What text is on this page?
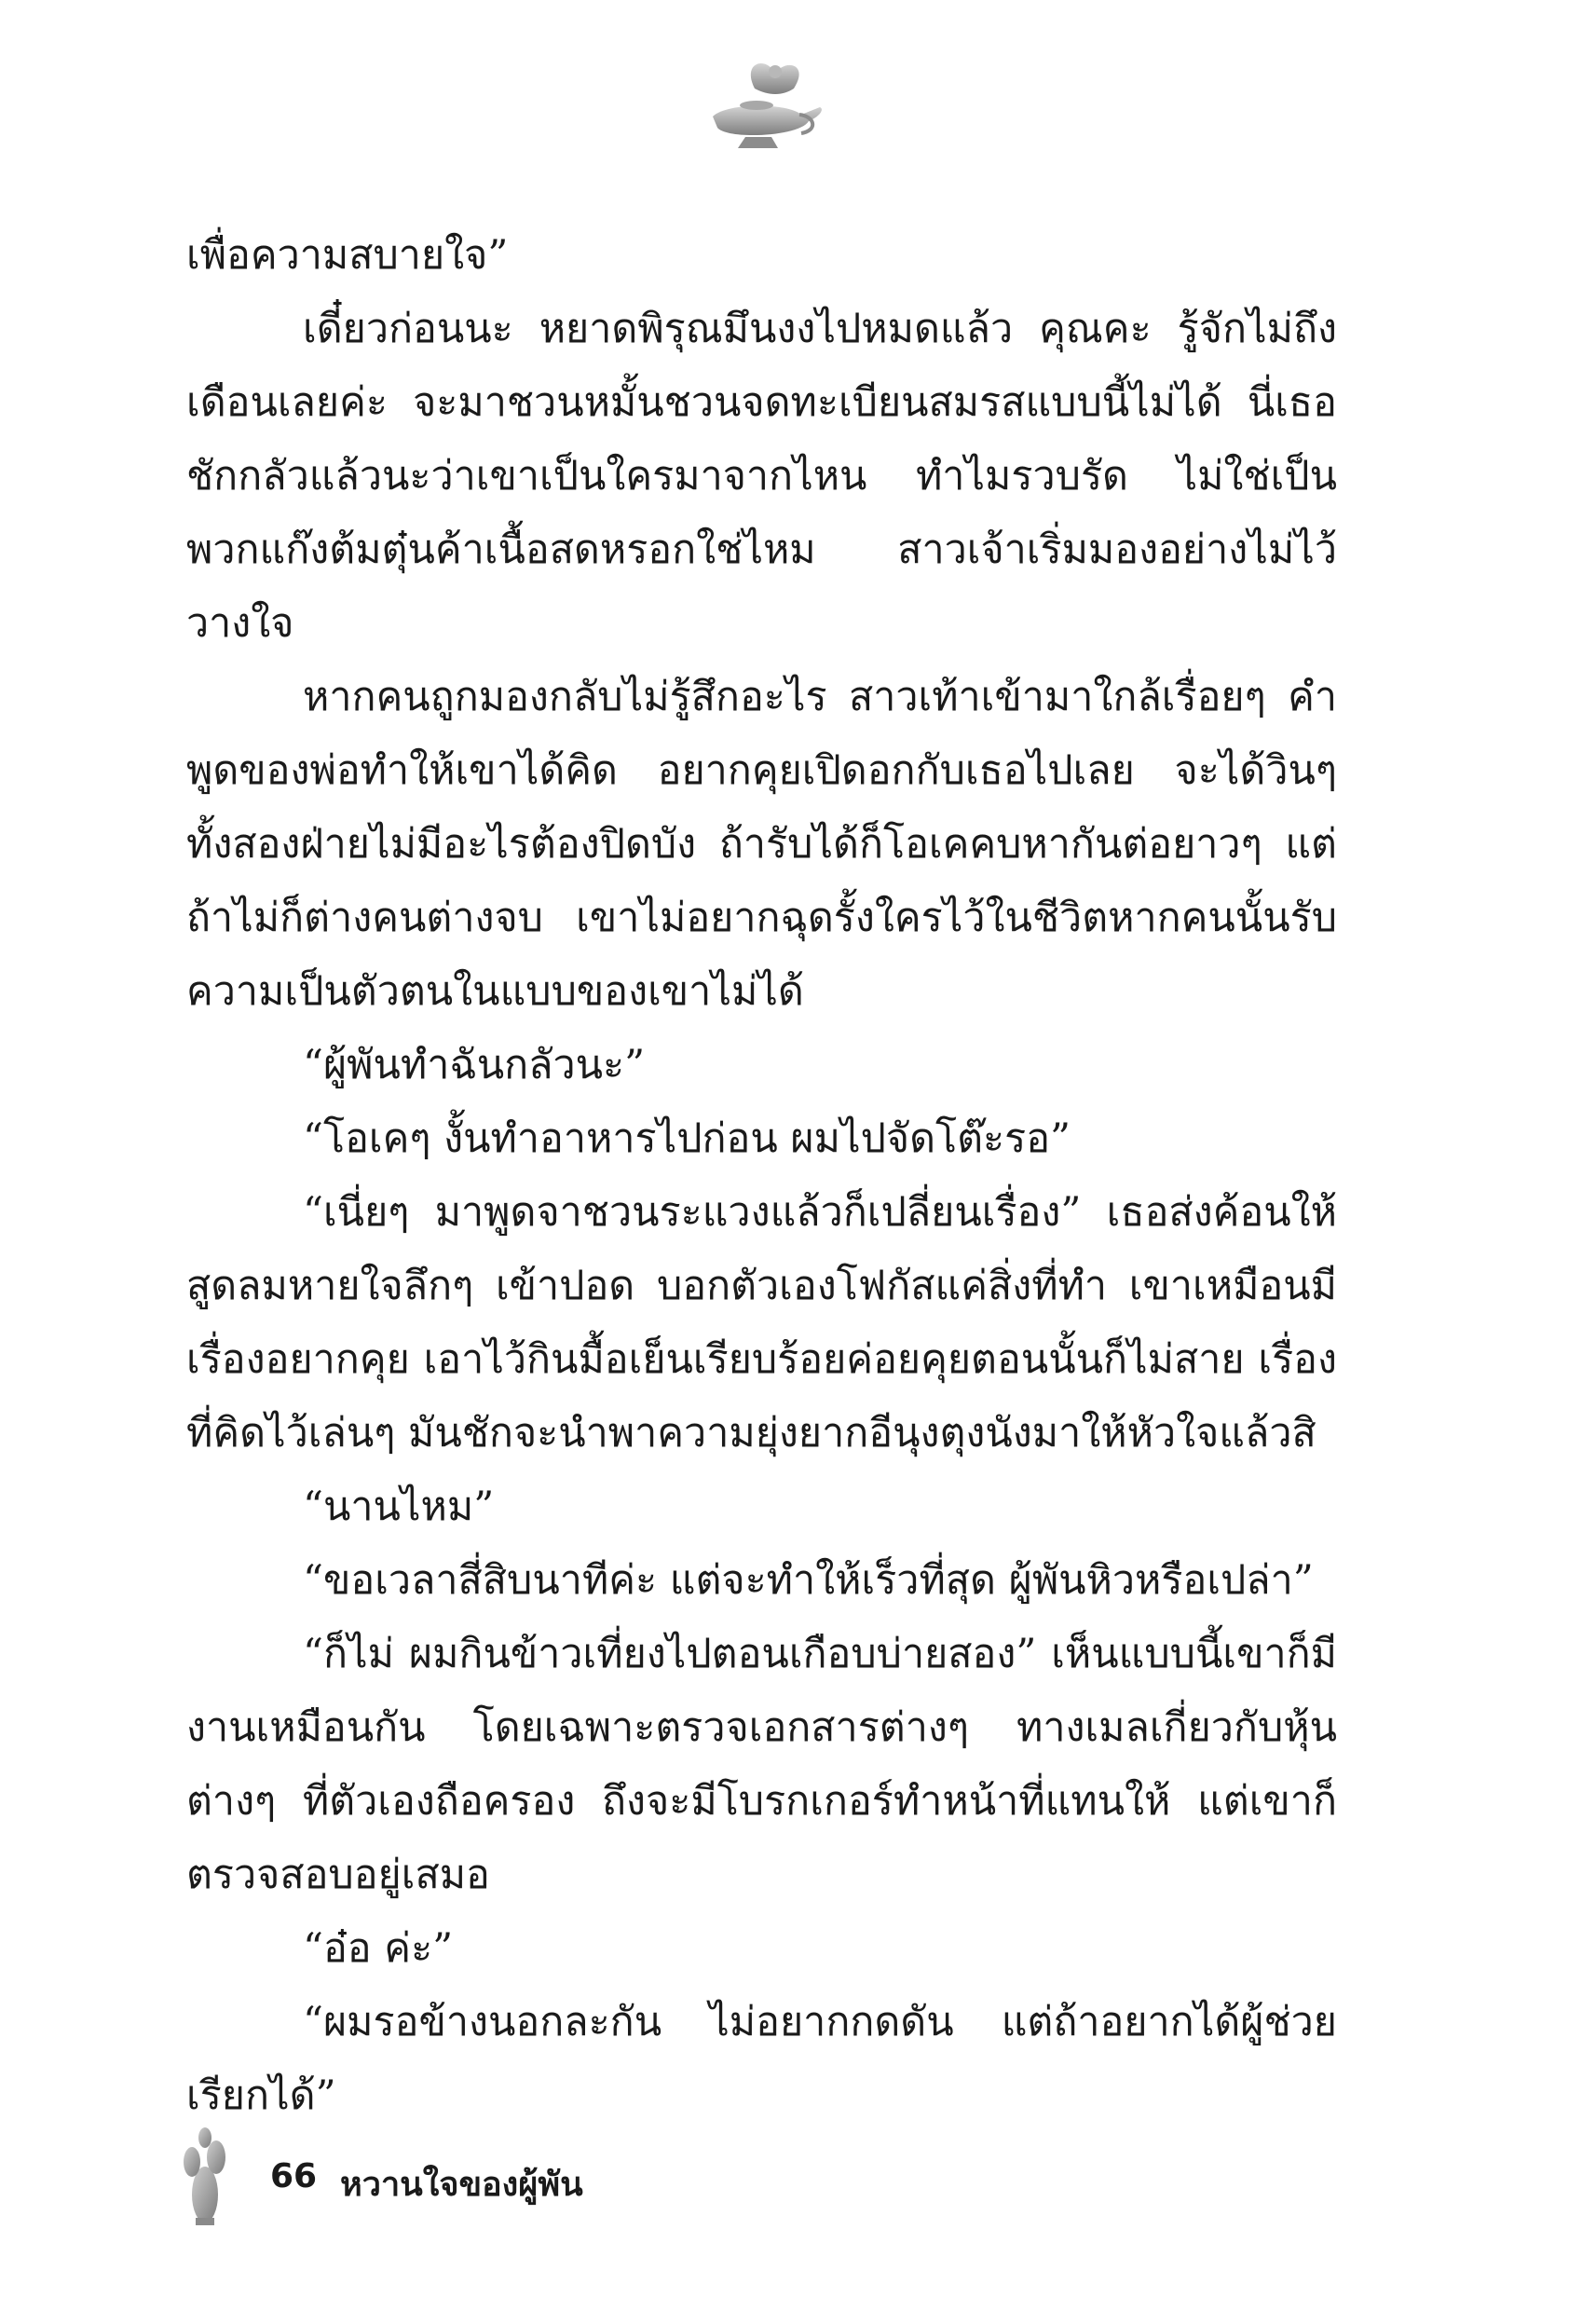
เพื่อความสบายใจ”

เดี๋ยวก่อนนะ หยาดพิรุณมึนงงไปหมดแล้ว คุณคะ รู้จักไม่ถึงเดือนเลยค่ะ จะมาชวนหมั้นชวนจดทะเบียนสมรสแบบนี้ไม่ได้ นี่เธอชักกลัวแล้วนะว่าเขาเป็นใครมาจากไหน ทำไมรวบรัด ไม่ใช่เป็นพวกแก๊งต้มตุ๋นค้าเนื้อสดหรอกใช่ไหม สาวเจ้าเริ่มมองอย่างไม่ไว้วางใจ

หากคนถูกมองกลับไม่รู้สึกอะไร สาวเท้าเข้ามาใกล้เรื่อยๆ คำพูดของพ่อทำให้เขาได้คิด อยากคุยเปิดอกกับเธอไปเลย จะได้วินๆ ทั้งสองฝ่ายไม่มีอะไรต้องปิดบัง ถ้ารับได้ก็โอเคคบหากันต่อยาวๆ แต่ถ้าไม่ก็ต่างคนต่างจบ เขาไม่อยากฉุดรั้งใครไว้ในชีวิตหากคนนั้นรับความเป็นตัวตนในแบบของเขาไม่ได้

“ผู้พันทำฉันกลัวนะ”

“โอเคๆ งั้นทำอาหารไปก่อน ผมไปจัดโต๊ะรอ”

“เนี่ยๆ มาพูดจาชวนระแวงแล้วก็เปลี่ยนเรื่อง” เธอส่งค้อนให้ สูดลมหายใจลึกๆ เข้าปอด บอกตัวเองโฟกัสแค่สิ่งที่ทำ เขาเหมือนมีเรื่องอยากคุย เอาไว้กินมื้อเย็นเรียบร้อยค่อยคุยตอนนั้นก็ไม่สาย เรื่องที่คิดไว้เล่นๆ มันชักจะนำพาความยุ่งยากอีนุงตุงนังมาให้หัวใจแล้วสิ

“นานไหม”

“ขอเวลาสี่สิบนาทีค่ะ แต่จะทำให้เร็วที่สุด ผู้พันหิวหรือเปล่า”

“ก็ไม่ ผมกินข้าวเที่ยงไปตอนเกือบบ่ายสอง” เห็นแบบนี้เขาก็มีงานเหมือนกัน โดยเฉพาะตรวจเอกสารต่างๆ ทางเมลเกี่ยวกับหุ้นต่างๆ ที่ตัวเองถือครอง ถึงจะมีโบรกเกอร์ทำหน้าที่แทนให้ แต่เขาก็ตรวจสอบอยู่เสมอ

“อ๋อ ค่ะ”

“ผมรอข้างนอกละกัน ไม่อยากกดดัน แต่ถ้าอยากได้ผู้ช่วยเรียกได้”

66 หวานใจของผู้พัน
